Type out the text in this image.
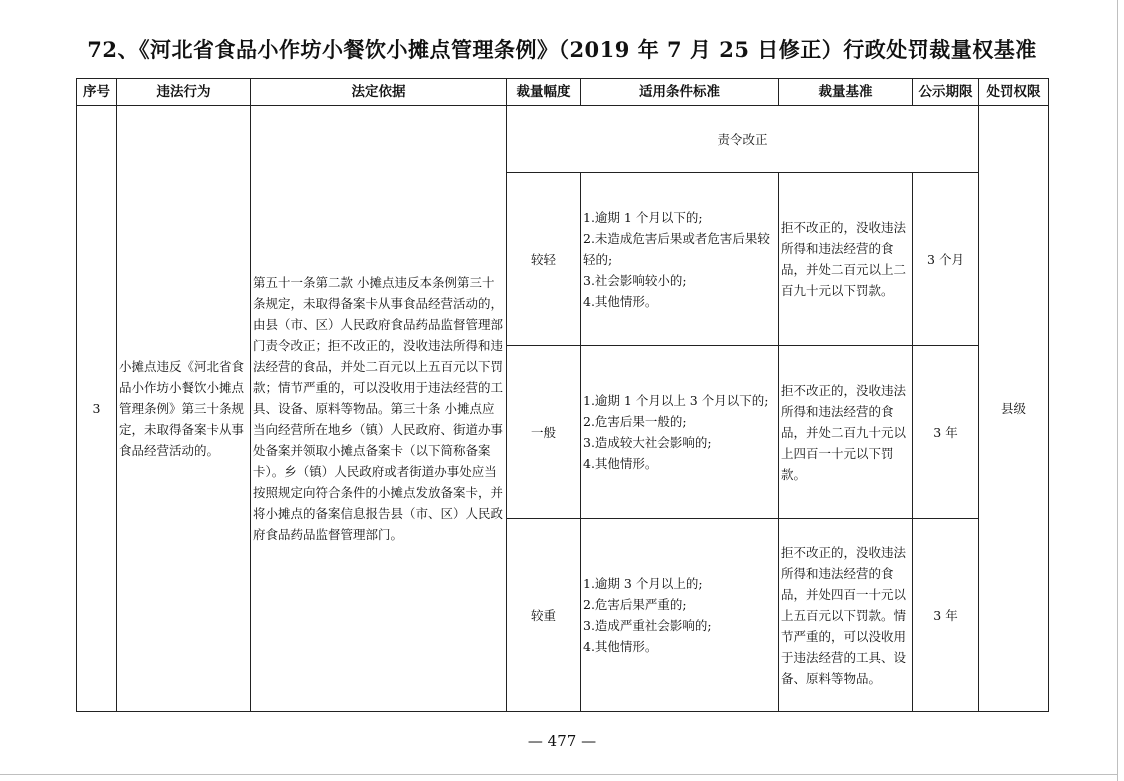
72、《河北省食品小作坊小餐饮小摊点管理条例》（2019 年 7 月 25 日修正）行政处罚裁量权基准
序号	违法行为	法定依据	裁量幅度	适用条件标准	裁量基准	公示期限	处罚权限
3	小摊点违反《河北省食品小作坊小餐饮小摊点管理条例》第三十条规定，未取得备案卡从事食品经营活动的。	第五十一条第二款 小摊点违反本条例第三十条规定，未取得备案卡从事食品经营活动的，由县（市、区）人民政府食品药品监督管理部门责令改正；拒不改正的，没收违法所得和违法经营的食品，并处二百元以上五百元以下罚款；情节严重的，可以没收用于违法经营的工具、设备、原料等物品。第三十条 小摊点应当向经营所在地乡（镇）人民政府、街道办事处备案并领取小摊点备案卡（以下简称备案卡）。乡（镇）人民政府或者街道办事处应当按照规定向符合条件的小摊点发放备案卡，并将小摊点的备案信息报告县（市、区）人民政府食品药品监督管理部门。	责令改正				县级
			较轻	1.逾期 1 个月以下的;
2.未造成危害后果或者危害后果较轻的;
3.社会影响较小的;
4.其他情形。	拒不改正的，没收违法所得和违法经营的食品，并处二百元以上二百九十元以下罚款。	3 个月	
			一般	1.逾期 1 个月以上 3 个月以下的;
2.危害后果一般的;
3.造成较大社会影响的;
4.其他情形。	拒不改正的，没收违法所得和违法经营的食品，并处二百九十元以上四百一十元以下罚款。	3 年	
			较重	1.逾期 3 个月以上的;
2.危害后果严重的;
3.造成严重社会影响的;
4.其他情形。	拒不改正的，没收违法所得和违法经营的食品，并处四百一十元以上五百元以下罚款。情节严重的，可以没收用于违法经营的工具、设备、原料等物品。	3 年	
— 477 —
